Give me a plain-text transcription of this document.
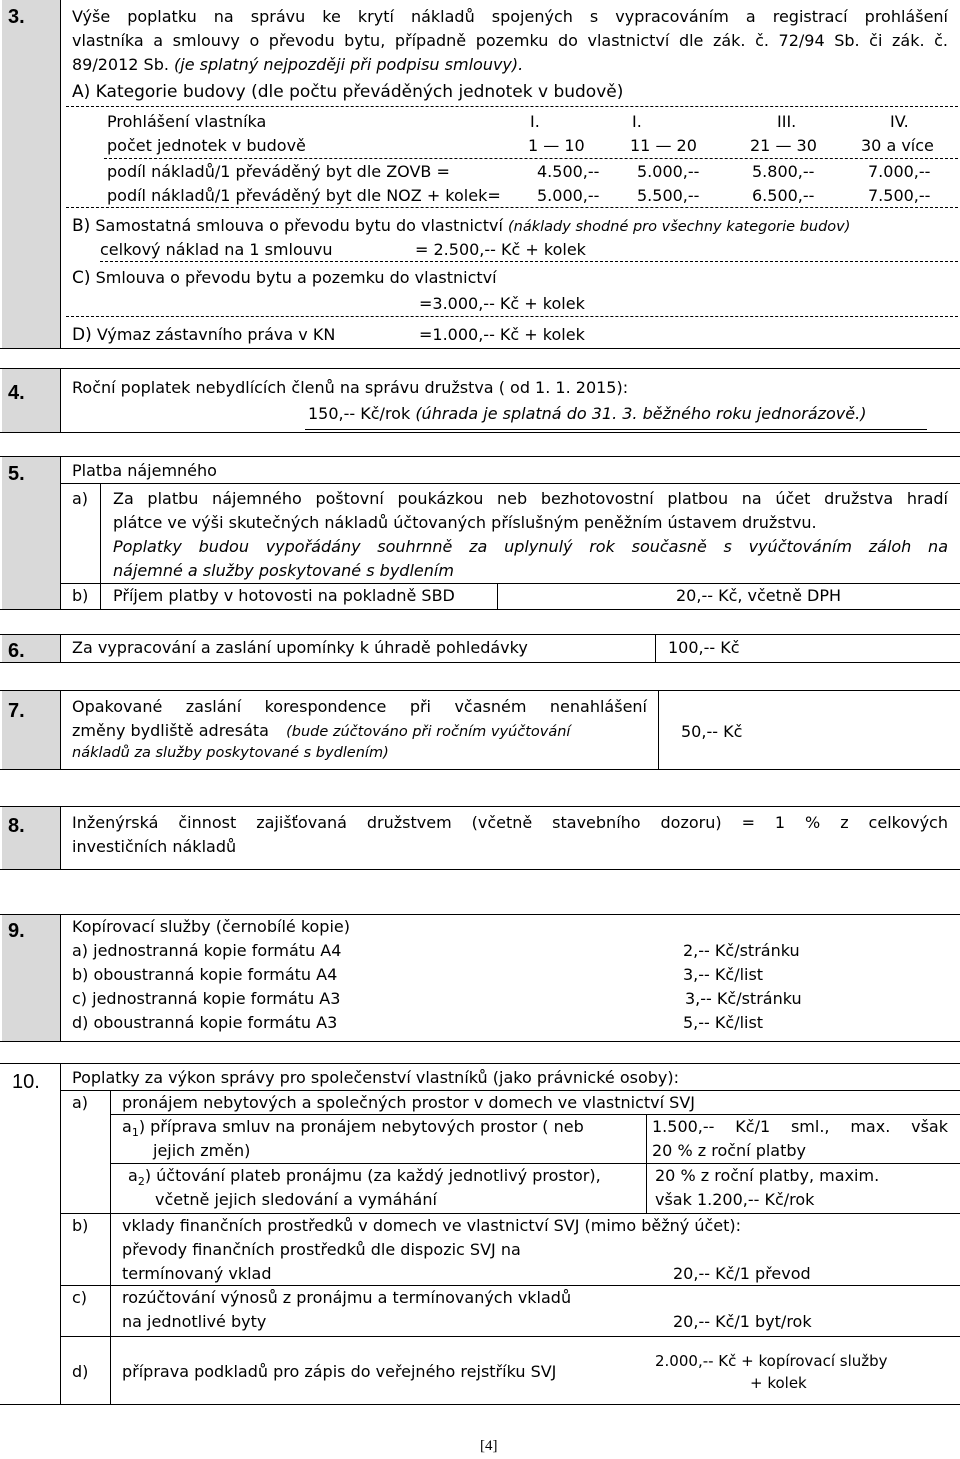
3.	Výše poplatku na správu ke krytí nákladů spojených s vypracováním a registrací prohlášení
vlastníka a smlouvy o převodu bytu, případně pozemku do vlastnictví dle zák. č. 72/94 Sb. či zák. č.
89/2012 Sb. (je splatný nejpozději při podpisu smlouvy).
A) Kategorie budovy (dle počtu převáděných jednotek v budově)
Prohlášení vlastníka	I.	I.	III.	IV.
počet jednotek v budově	1 — 10	11 — 20	21 — 30	30 a více
podíl nákladů/1 převáděný byt dle ZOVB =	4.500,-- 5.000,--	5.800,--	7.000,--
podíl nákladů/1 převáděný byt dle NOZ + kolek= 5.000,-- 5.500,--	6.500,--	7.500,--
B) Samostatná smlouva o převodu bytu do vlastnictví (náklady shodné pro všechny kategorie budov)
celkový náklad na 1 smlouvu	= 2.500,-- Kč + kolek
C) Smlouva o převodu bytu a pozemku do vlastnictví
=3.000,-- Kč + kolek
D) Výmaz zástavního práva v KN	=1.000,-- Kč + kolek
4.	Roční poplatek nebydlících členů na správu družstva ( od 1. 1. 2015):
150,-- Kč/rok (úhrada je splatná do 31. 3. běžného roku jednorázově.)
5.	Platba nájemného
a) Za platbu nájemného poštovní poukázkou neb bezhotovostní platbou na účet družstva hradí
plátce ve výši skutečných nákladů účtovaných příslušným peněžním ústavem družstvu.
Poplatky budou vypořádány souhrnně za uplynulý rok současně s vyúčtováním záloh na
nájemné a služby poskytované s bydlením
b) Příjem platby v hotovosti na pokladně SBD	20,-- Kč, včetně DPH
6.	Za vypracování a zaslání upomínky k úhradě pohledávky	100,-- Kč
7.	Opakované zaslání korespondence při včasném nenahlášení
změny bydliště adresáta (bude zúčtováno při ročním vyúčtování
nákladů za služby poskytované s bydlením)
50,-- Kč
8.	Inženýrská činnost zajišťovaná družstvem (včetně stavebního dozoru) = 1 % z celkových
investičních nákladů
9.	Kopírovací služby (černobílé kopie)
a) jednostranná kopie formátu A4	2,-- Kč/stránku
b) oboustranná kopie formátu A4	3,-- Kč/list
c) jednostranná kopie formátu A3	3,-- Kč/stránku
d) oboustranná kopie formátu A3	5,-- Kč/list
10. Poplatky za výkon správy pro společenství vlastníků (jako právnické osoby):
a) pronájem nebytových a společných prostor v domech ve vlastnictví SVJ
$a_1$) příprava smluv na pronájem nebytových prostor ( neb
jejich změn)
1.500,-- Kč/1 sml., max. však
20 % z roční platby
$a_2$) účtování plateb pronájmu (za každý jednotlivý prostor),
včetně jejich sledování a vymáhání
20 % z roční platby, maxim.
však 1.200,-- Kč/rok
b) vklady finančních prostředků v domech ve vlastnictví SVJ (mimo běžný účet):
převody finančních prostředků dle dispozic SVJ na
termínovaný vklad	20,-- Kč/1 převod
c) rozúčtování výnosů z pronájmu a termínovaných vkladů
na jednotlivé byty	20,-- Kč/1 byt/rok
d) příprava podkladů pro zápis do veřejného rejstříku SVJ
2.000,-- Kč + kopírovací služby
+ kolek
[4]
